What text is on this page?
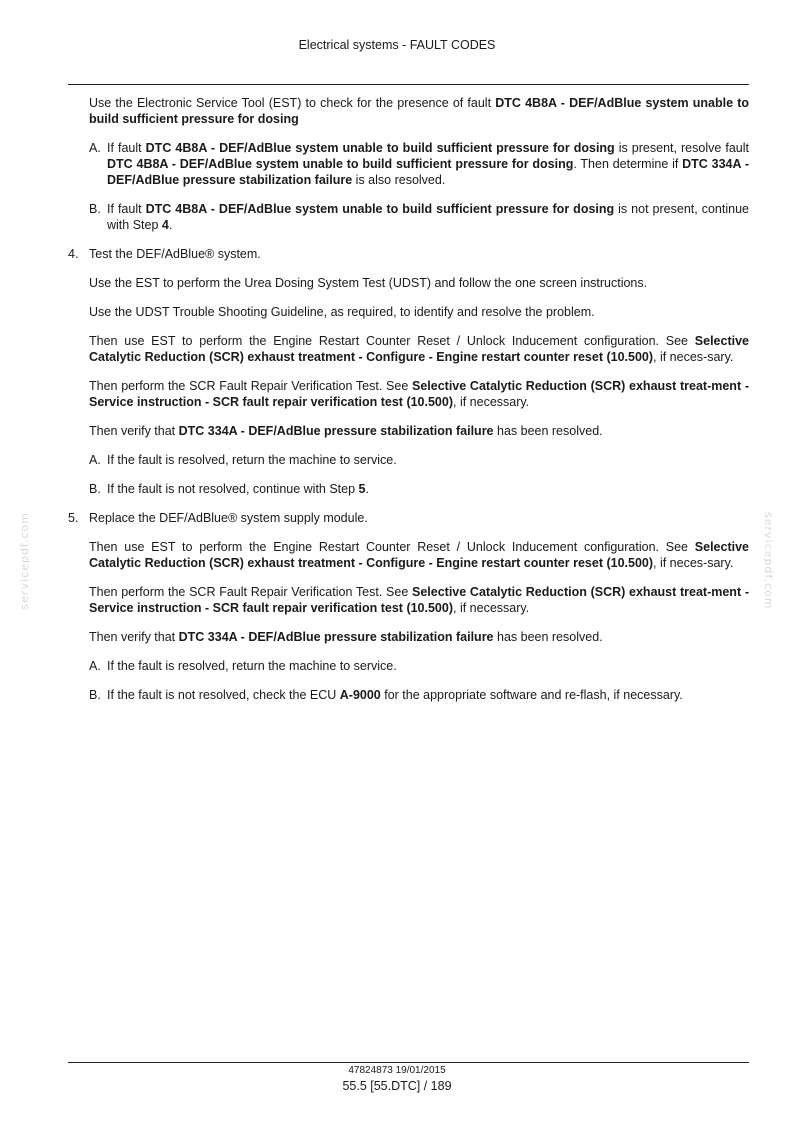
Electrical systems - FAULT CODES
servicepdf.com	servicepdf.com
Use the Electronic Service Tool (EST) to check for the presence of fault DTC 4B8A - DEF/AdBlue system unable to build sufficient pressure for dosing
A. If fault DTC 4B8A - DEF/AdBlue system unable to build sufficient pressure for dosing is present, resolve fault DTC 4B8A - DEF/AdBlue system unable to build sufficient pressure for dosing. Then determine if DTC 334A - DEF/AdBlue pressure stabilization failure is also resolved.
B. If fault DTC 4B8A - DEF/AdBlue system unable to build sufficient pressure for dosing is not present, continue with Step 4.
4. Test the DEF/AdBlue® system.
Use the EST to perform the Urea Dosing System Test (UDST) and follow the one screen instructions.
Use the UDST Trouble Shooting Guideline, as required, to identify and resolve the problem.
Then use EST to perform the Engine Restart Counter Reset / Unlock Inducement configuration. See Selective Catalytic Reduction (SCR) exhaust treatment - Configure - Engine restart counter reset (10.500), if neces-sary.
Then perform the SCR Fault Repair Verification Test. See Selective Catalytic Reduction (SCR) exhaust treat-ment - Service instruction - SCR fault repair verification test (10.500), if necessary.
Then verify that DTC 334A - DEF/AdBlue pressure stabilization failure has been resolved.
A. If the fault is resolved, return the machine to service.
B. If the fault is not resolved, continue with Step 5.
5. Replace the DEF/AdBlue® system supply module.
Then use EST to perform the Engine Restart Counter Reset / Unlock Inducement configuration. See Selective Catalytic Reduction (SCR) exhaust treatment - Configure - Engine restart counter reset (10.500), if neces-sary.
Then perform the SCR Fault Repair Verification Test. See Selective Catalytic Reduction (SCR) exhaust treat-ment - Service instruction - SCR fault repair verification test (10.500), if necessary.
Then verify that DTC 334A - DEF/AdBlue pressure stabilization failure has been resolved.
A. If the fault is resolved, return the machine to service.
B. If the fault is not resolved, check the ECU A-9000 for the appropriate software and re-flash, if necessary.
47824873 19/01/2015
55.5 [55.DTC] / 189
